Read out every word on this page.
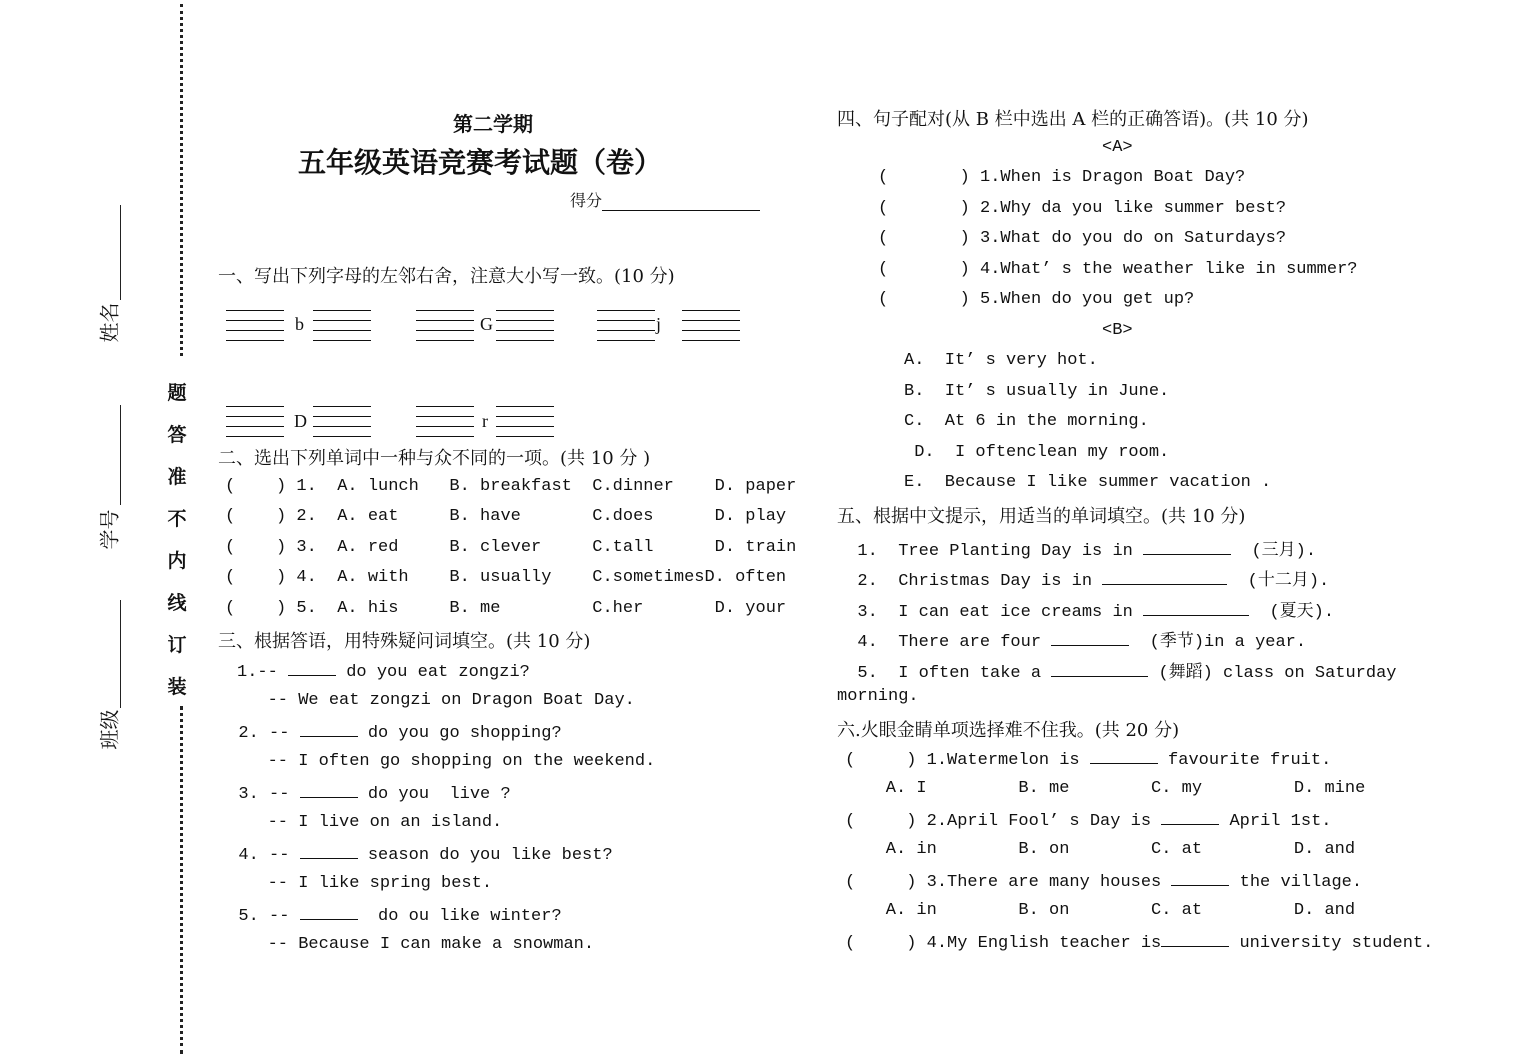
姓名
学号
班级
题
答
准
不
内
线
订
装
第二学期
五年级英语竞赛考试题（卷）
得分
一、写出下列字母的左邻右舍，注意大小写一致。(10 分)
b	G	j
D	r
二、选出下列单词中一种与众不同的一项。(共 10 分 )
(    ) 1.  A. lunch   B. breakfast  C.dinner    D. paper
(    ) 2.  A. eat     B. have       C.does      D. play
(    ) 3.  A. red     B. clever     C.tall      D. train
(    ) 4.  A. with    B. usually    C.sometimesD. often
(    ) 5.  A. his     B. me         C.her       D. your
三、根据答语，用特殊疑问词填空。(共 10 分)
1.--	do you eat zongzi?
-- We eat zongzi on Dragon Boat Day.
2. --	do you go shopping?
-- I often go shopping on the weekend.
3. --	do you  live ?
-- I live on an island.
4. --	season do you like best?
-- I like spring best.
5. --	do ou like winter?
-- Because I can make a snowman.
四、句子配对(从 B 栏中选出 A 栏的正确答语)。(共 10 分)
<A>
(       ) 1.When is Dragon Boat Day?
(       ) 2.Why da you like summer best?
(       ) 3.What do you do on Saturdays?
(       ) 4.What’ s the weather like in summer?
(       ) 5.When do you get up?
<B>
A.  It’ s very hot.
B.  It’ s usually in June.
C.  At 6 in the morning.
D.  I oftenclean my room.
E.  Because I like summer vacation .
五、根据中文提示，用适当的单词填空。(共 10 分)
1.  Tree Planting Day is in	(三月).
2.  Christmas Day is in	(十二月).
3.  I can eat ice creams in	(夏天).
4.  There are four	(季节)in a year.
5.  I often take a	(舞蹈) class on Saturday
morning.
六.火眼金睛单项选择难不住我。(共 20 分)
(     ) 1.Watermelon is	favourite fruit.
A. I         B. me        C. my         D. mine
(     ) 2.April Fool’ s Day is	April 1st.
A. in        B. on        C. at         D. and
(     ) 3.There are many houses	the village.
A. in        B. on        C. at         D. and
(     ) 4.My English teacher is	university student.
